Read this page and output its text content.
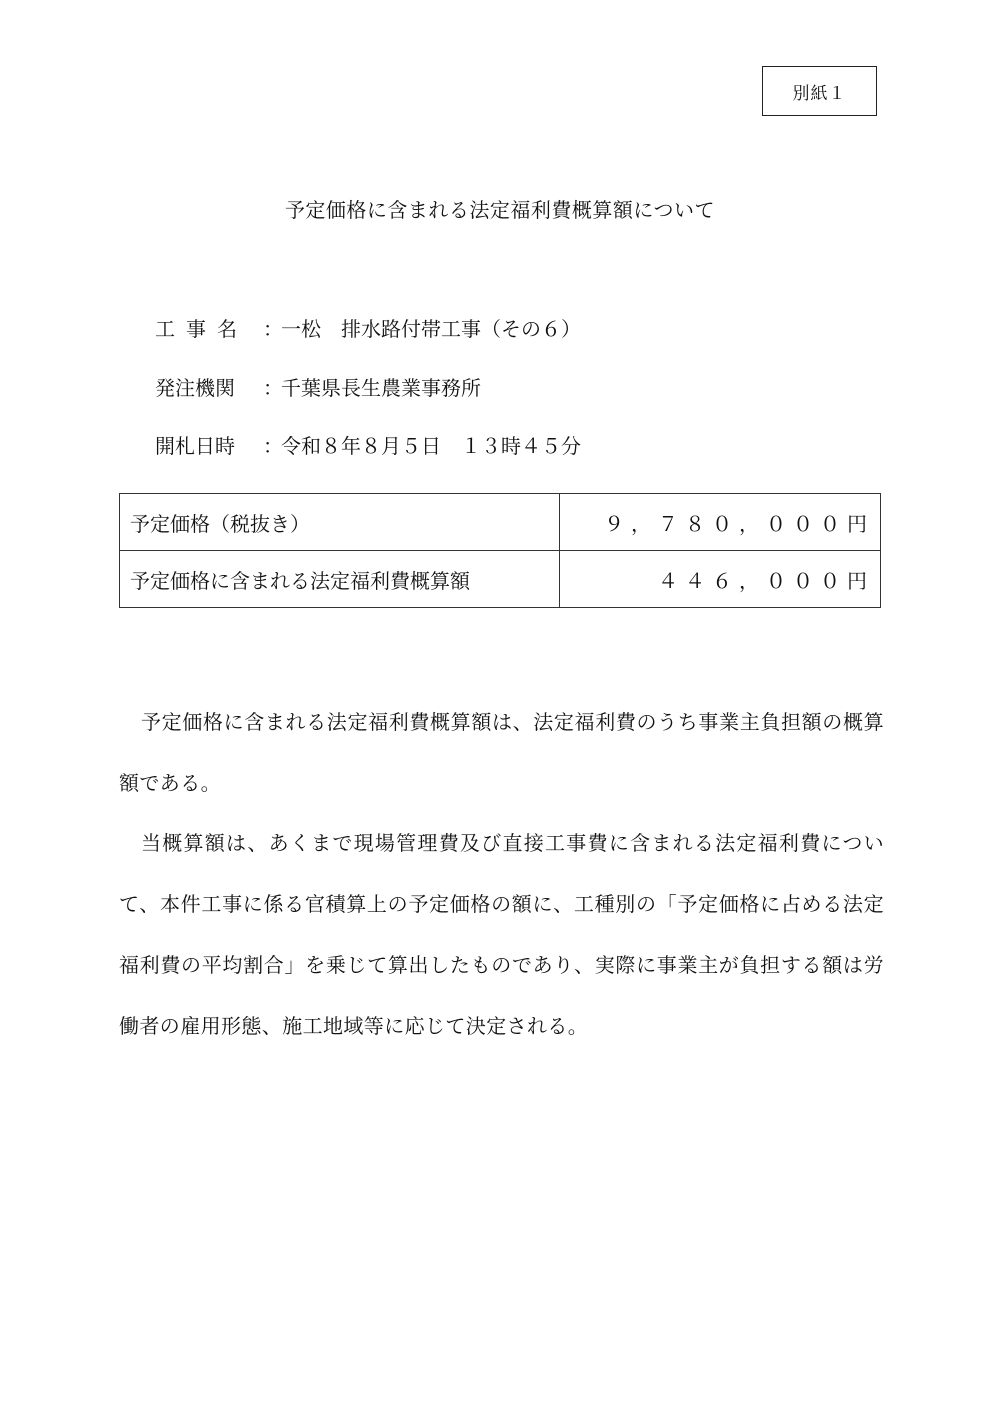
別紙１
予定価格に含まれる法定福利費概算額について
工事名 ：
一松　排水路付帯工事（その６）
発注機関	：
千葉県長生農業事務所
開札日時	：
令和８年８月５日　１３時４５分
予定価格（税抜き）	９，７８０，０００円
予定価格に含まれる法定福利費概算額	４４６，０００円

予定価格に含まれる法定福利費概算額は、法定福利費のうち事業主負担額の概算額である。

当概算額は、あくまで現場管理費及び直接工事費に含まれる法定福利費について、本件工事に係る官積算上の予定価格の額に、工種別の「予定価格に占める法定福利費の平均割合」を乗じて算出したものであり、実際に事業主が負担する額は労働者の雇用形態、施工地域等に応じて決定される。
